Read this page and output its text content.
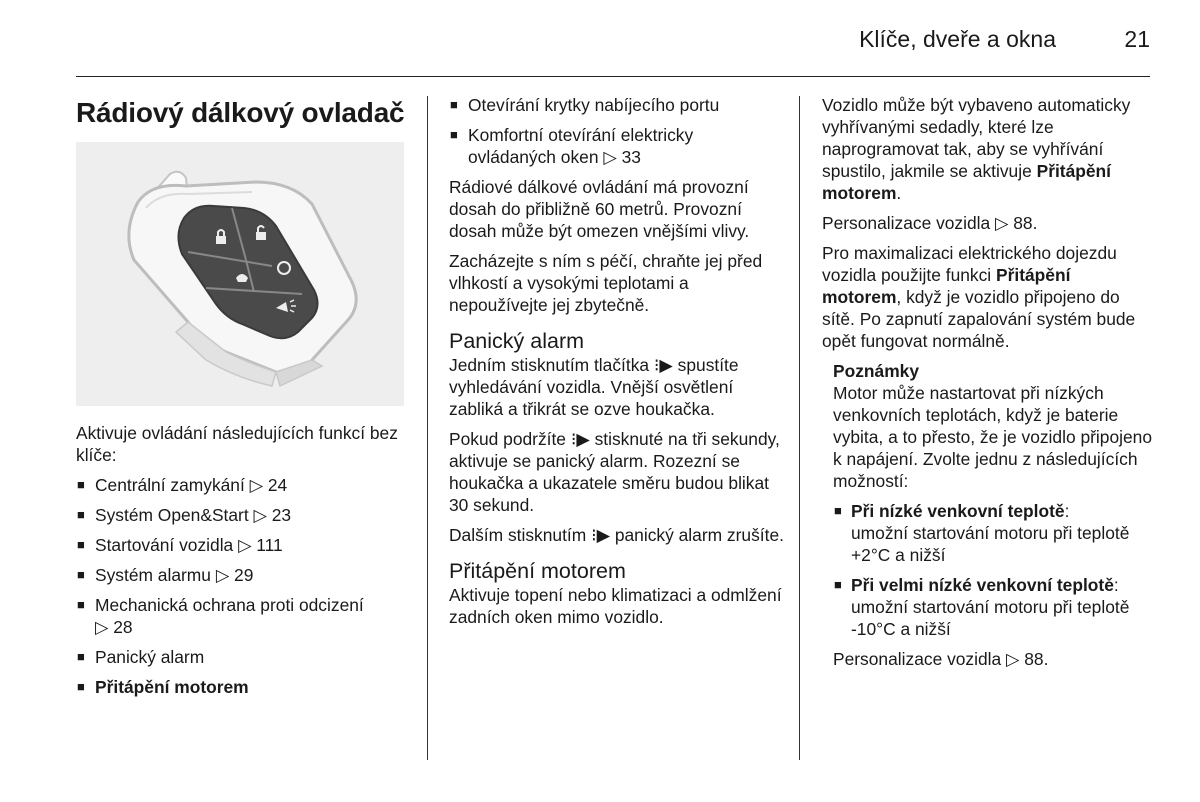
Klíče, dveře a okna	21
Rádiový dálkový ovladač

Aktivuje ovládání následujících funkcí bez klíče:

■ Centrální zamykání ▷ 24
■ Systém Open&Start ▷ 23
■ Startování vozidla ▷ 111
■ Systém alarmu ▷ 29
■ Mechanická ochrana proti odcizení
▷ 28
■ Panický alarm
■ Přitápění motorem
■ Otevírání krytky nabíjecího portu
■ Komfortní otevírání elektricky ovládaných oken ▷ 33

Rádiové dálkové ovládání má provozní dosah do přibližně 60 metrů. Provozní dosah může být omezen vnějšími vlivy.

Zacházejte s ním s péčí, chraňte jej před vlhkostí a vysokými teplotami a nepoužívejte jej zbytečně.

Panický alarm

Jedním stisknutím tlačítka ⁝▶ spustíte vyhledávání vozidla. Vnější osvětlení zabliká a třikrát se ozve houkačka.

Pokud podržíte ⁝▶ stisknuté na tři sekundy, aktivuje se panický alarm. Rozezní se houkačka a ukazatele směru budou blikat 30 sekund.

Dalším stisknutím ⁝▶ panický alarm zrušíte.

Přitápění motorem

Aktivuje topení nebo klimatizaci a odmlžení zadních oken mimo vozidlo.

Vozidlo může být vybaveno automaticky vyhřívanými sedadly, které lze naprogramovat tak, aby se vyhřívání spustilo, jakmile se aktivuje Přitápění motorem.

Personalizace vozidla ▷ 88.

Pro maximalizaci elektrického dojezdu vozidla použijte funkci Přitápění motorem, když je vozidlo připojeno do sítě. Po zapnutí zapalování systém bude opět fungovat normálně.

Poznámky

Motor může nastartovat při nízkých venkovních teplotách, když je baterie vybita, a to přesto, že je vozidlo připojeno k napájení. Zvolte jednu z následujících možností:

■ Při nízké venkovní teplotě:
umožní startování motoru při teplotě +2°C a nižší
■ Při velmi nízké venkovní teplotě:
umožní startování motoru při teplotě -10°C a nižší

Personalizace vozidla ▷ 88.
